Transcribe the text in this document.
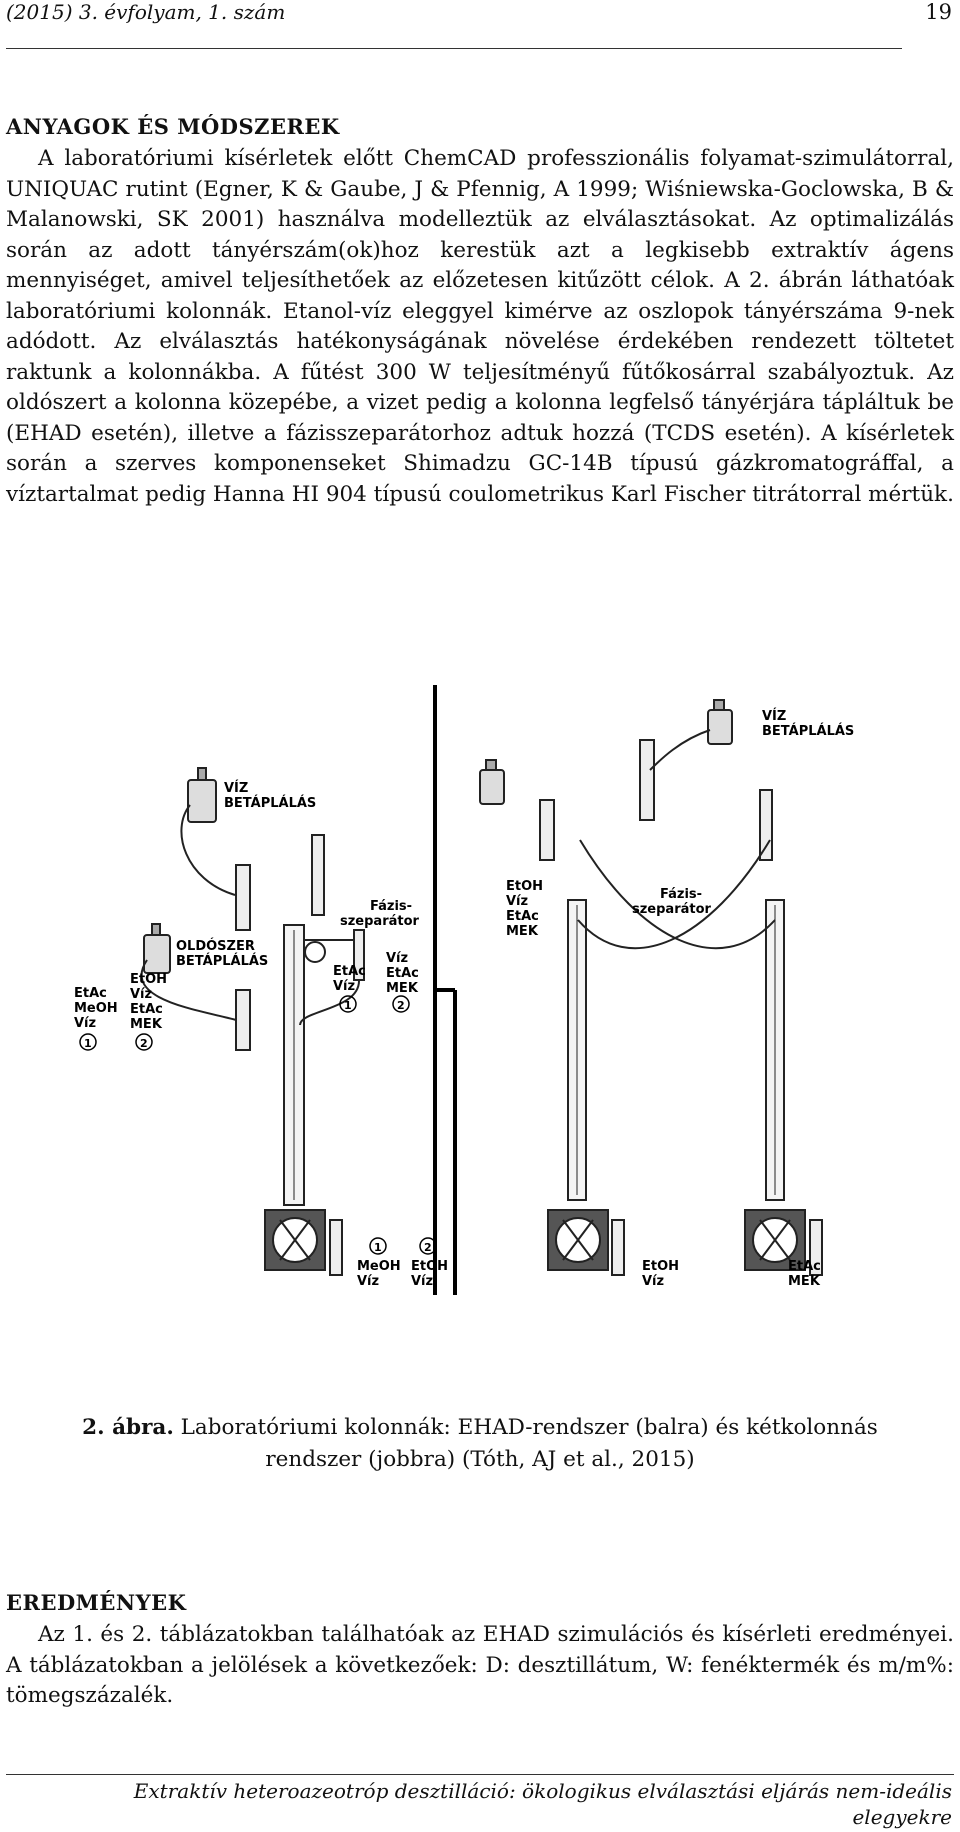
(2015) 3. évfolyam, 1. szám	19
ANYAGOK ÉS MÓDSZEREK
A laboratóriumi kísérletek előtt ChemCAD professzionális folyamat-szimulátorral, UNIQUAC rutint (Egner, K & Gaube, J & Pfennig, A 1999; Wiśniewska-Goclowska, B & Malanowski, SK 2001) használva modelleztük az elválasztásokat. Az optimalizálás során az adott tányérszám(ok)hoz kerestük azt a legkisebb extraktív ágens mennyiséget, amivel teljesíthetőek az előzetesen kitűzött célok. A 2. ábrán láthatóak laboratóriumi kolonnák. Etanol-víz eleggyel kimérve az oszlopok tányérszáma 9-nek adódott. Az elválasztás hatékonyságának növelése érdekében rendezett töltetet raktunk a kolonnákba. A fűtést 300 W teljesítményű fűtőkosárral szabályoztuk. Az oldószert a kolonna közepébe, a vizet pedig a kolonna legfelső tányérjára tápláltuk be (EHAD esetén), illetve a fázisszeparátorhoz adtuk hozzá (TCDS esetén). A kísérletek során a szerves komponenseket Shimadzu GC-14B típusú gázkromatográffal, a víztartalmat pedig Hanna HI 904 típusú coulometrikus Karl Fischer titrátorral mértük.
VÍZ
BETÁPLÁLÁS
OLDÓSZER
BETÁPLÁLÁS
Fázis-
szeparátor
EtAc
MeOH
Víz
1
EtOH
Víz
EtAc
MEK
2
EtAc
Víz
1
Víz
EtAc
MEK
2
1
MeOH
Víz
2
EtOH
Víz
VÍZ
BETÁPLÁLÁS
Fázis-
szeparátor
EtOH
Víz
EtAc
MEK
EtOH
Víz
EtAc
MEK
2. ábra. Laboratóriumi kolonnák: EHAD-rendszer (balra) és kétkolonnás
rendszer (jobbra) (Tóth, AJ et al., 2015)
EREDMÉNYEK
Az 1. és 2. táblázatokban találhatóak az EHAD szimulációs és kísérleti eredményei. A táblázatokban a jelölések a következőek: D: desztillátum, W: fenéktermék és m/m%: tömegszázalék.
Extraktív heteroazeotróp desztilláció: ökologikus elválasztási eljárás nem-ideális
elegyekre
